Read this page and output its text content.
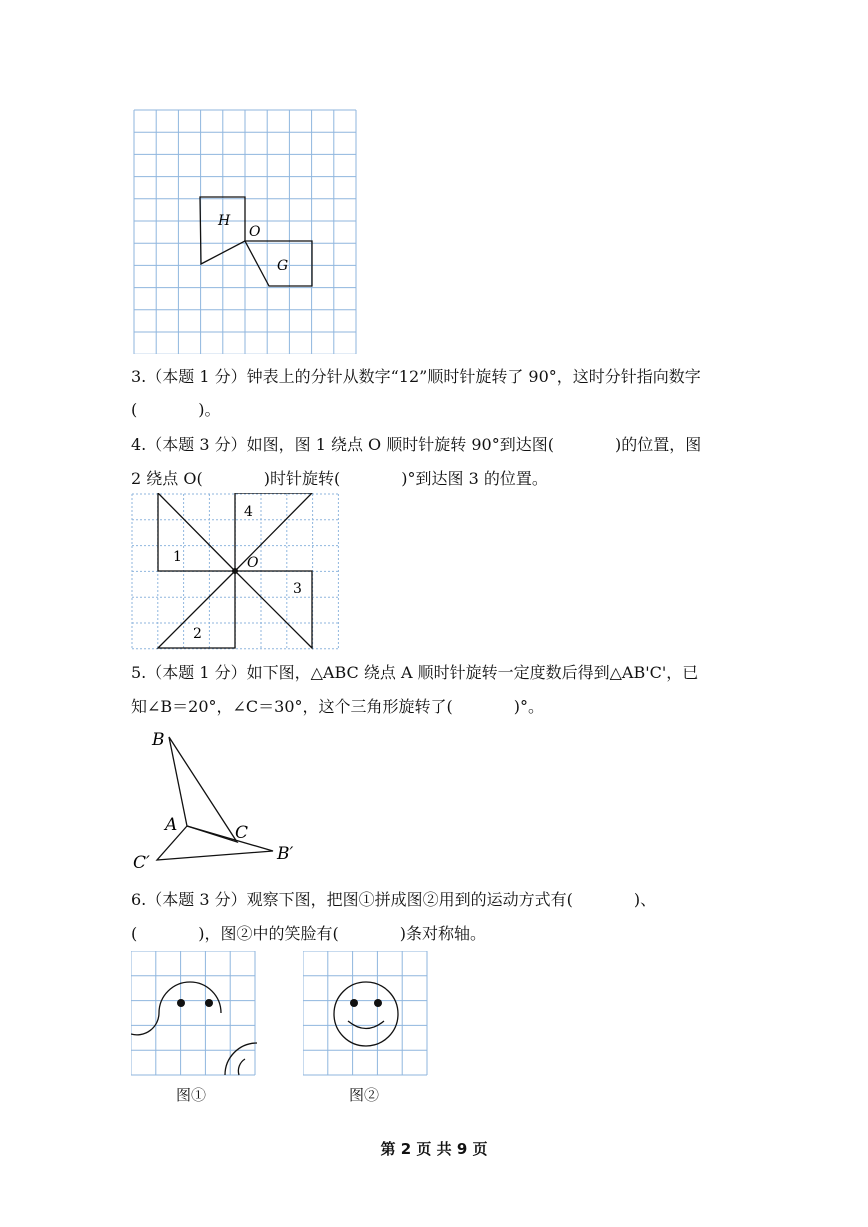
H
O
G
3.（本题 1 分）钟表上的分针从数字“12”顺时针旋转了 90°，这时分针指向数字
(            )。
4.（本题 3 分）如图，图 1 绕点 O 顺时针旋转 90°到达图(            )的位置，图
2 绕点 O(            )时针旋转(            )°到达图 3 的位置。
1
4
3
2
O
5.（本题 1 分）如下图，△ABC 绕点 A 顺时针旋转一定度数后得到△AB'C'，已
知∠B＝20°，∠C＝30°，这个三角形旋转了(            )°。
B
A	C
C′	B′
6.（本题 3 分）观察下图，把图①拼成图②用到的运动方式有(            )、
(            )，图②中的笑脸有(            )条对称轴。
图①	图②
第 2 页 共 9 页
